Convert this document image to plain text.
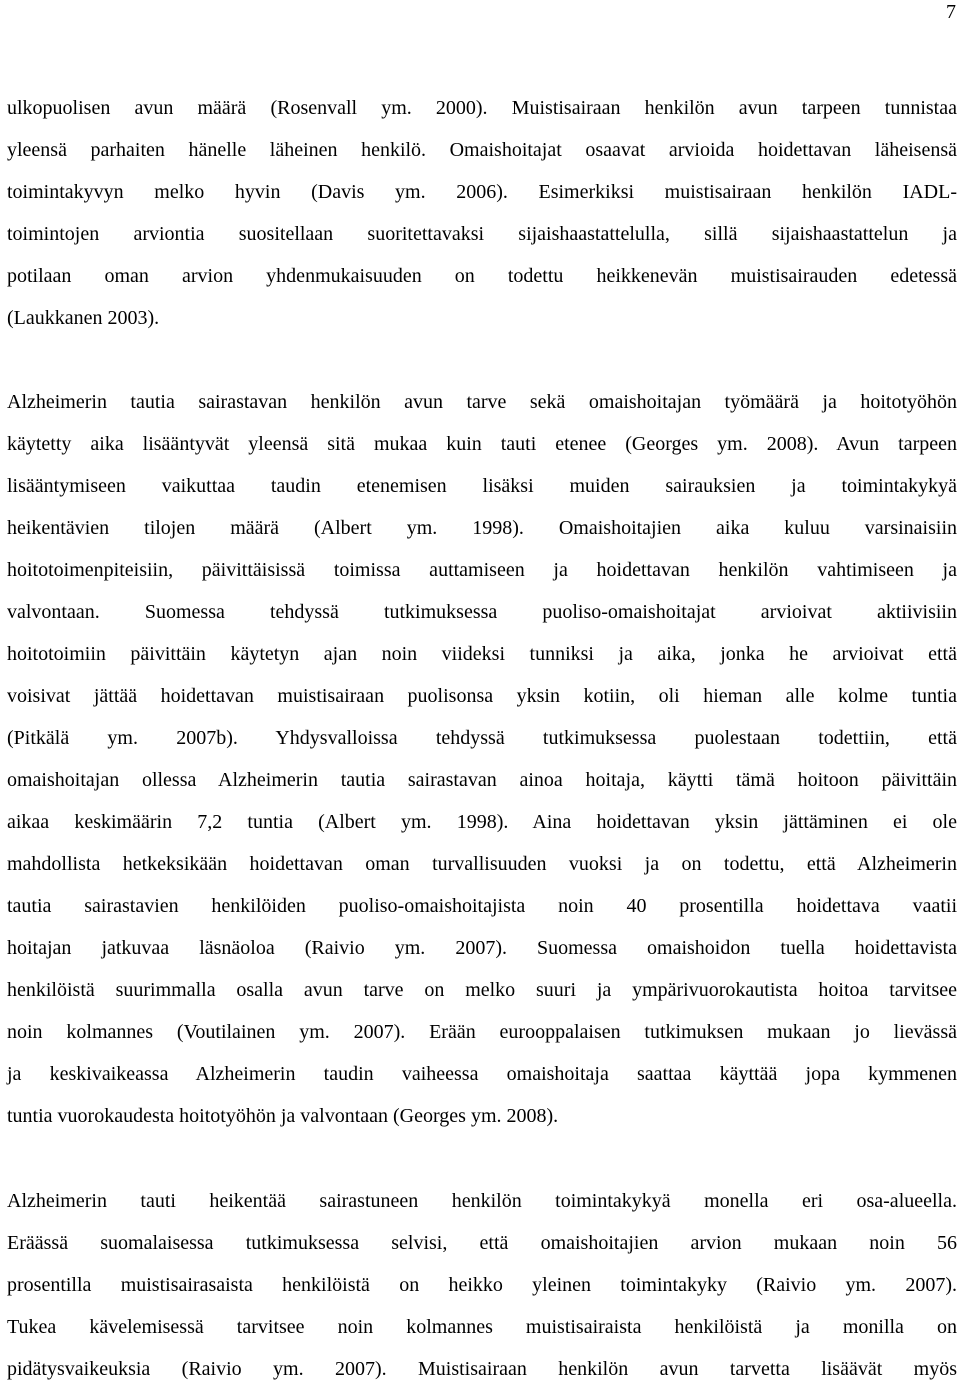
7
ulkopuolisen avun määrä (Rosenvall ym. 2000). Muistisairaan henkilön avun tarpeen tunnistaa
yleensä parhaiten hänelle läheinen henkilö. Omaishoitajat osaavat arvioida hoidettavan läheisensä
toimintakyvyn melko hyvin (Davis ym. 2006). Esimerkiksi muistisairaan henkilön IADL-
toimintojen arviontia suositellaan suoritettavaksi sijaishaastattelulla, sillä sijaishaastattelun ja
potilaan oman arvion yhdenmukaisuuden on todettu heikkenevän muistisairauden edetessä
(Laukkanen 2003).
Alzheimerin tautia sairastavan henkilön avun tarve sekä omaishoitajan työmäärä ja hoitotyöhön
käytetty aika lisääntyvät yleensä sitä mukaa kuin tauti etenee (Georges ym. 2008). Avun tarpeen
lisääntymiseen vaikuttaa taudin etenemisen lisäksi muiden sairauksien ja toimintakykyä
heikentävien tilojen määrä (Albert ym. 1998). Omaishoitajien aika kuluu varsinaisiin
hoitotoimenpiteisiin, päivittäisissä toimissa auttamiseen ja hoidettavan henkilön vahtimiseen ja
valvontaan. Suomessa tehdyssä tutkimuksessa puoliso-omaishoitajat arvioivat aktiivisiin
hoitotoimiin päivittäin käytetyn ajan noin viideksi tunniksi ja aika, jonka he arvioivat että
voisivat jättää hoidettavan muistisairaan puolisonsa yksin kotiin, oli hieman alle kolme tuntia
(Pitkälä ym. 2007b). Yhdysvalloissa tehdyssä tutkimuksessa puolestaan todettiin, että
omaishoitajan ollessa Alzheimerin tautia sairastavan ainoa hoitaja, käytti tämä hoitoon päivittäin
aikaa keskimäärin 7,2 tuntia (Albert ym. 1998). Aina hoidettavan yksin jättäminen ei ole
mahdollista hetkeksikään hoidettavan oman turvallisuuden vuoksi ja on todettu, että Alzheimerin
tautia sairastavien henkilöiden puoliso-omaishoitajista noin 40 prosentilla hoidettava vaatii
hoitajan jatkuvaa läsnäoloa (Raivio ym. 2007). Suomessa omaishoidon tuella hoidettavista
henkilöistä suurimmalla osalla avun tarve on melko suuri ja ympärivuorokautista hoitoa tarvitsee
noin kolmannes (Voutilainen ym. 2007). Erään eurooppalaisen tutkimuksen mukaan jo lievässä
ja keskivaikeassa Alzheimerin taudin vaiheessa omaishoitaja saattaa käyttää jopa kymmenen
tuntia vuorokaudesta hoitotyöhön ja valvontaan (Georges ym. 2008).
Alzheimerin tauti heikentää sairastuneen henkilön toimintakykyä monella eri osa-alueella.
Eräässä suomalaisessa tutkimuksessa selvisi, että omaishoitajien arvion mukaan noin 56
prosentilla muistisairasaista henkilöistä on heikko yleinen toimintakyky (Raivio ym. 2007).
Tukea kävelemisessä tarvitsee noin kolmannes muistisairaista henkilöistä ja monilla on
pidätysvaikeuksia (Raivio ym. 2007). Muistisairaan henkilön avun tarvetta lisäävät myös
